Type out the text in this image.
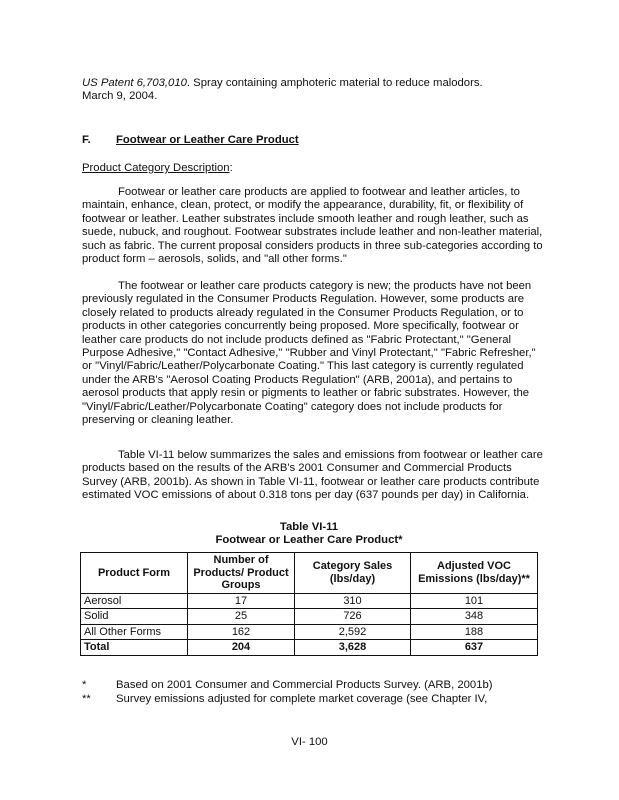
US Patent 6,703,010. Spray containing amphoteric material to reduce malodors.

March 9, 2004.

F.	Footwear or Leather Care Product
Product Category Description:

Footwear or leather care products are applied to footwear and leather articles, to maintain, enhance, clean, protect, or modify the appearance, durability, fit, or flexibility of footwear or leather. Leather substrates include smooth leather and rough leather, such as suede, nubuck, and roughout. Footwear substrates include leather and non-leather material, such as fabric. The current proposal considers products in three sub-categories according to product form – aerosols, solids, and "all other forms."

The footwear or leather care products category is new; the products have not been previously regulated in the Consumer Products Regulation. However, some products are closely related to products already regulated in the Consumer Products Regulation, or to products in other categories concurrently being proposed. More specifically, footwear or leather care products do not include products defined as "Fabric Protectant," "General Purpose Adhesive," "Contact Adhesive," "Rubber and Vinyl Protectant," "Fabric Refresher," or "Vinyl/Fabric/Leather/Polycarbonate Coating." This last category is currently regulated under the ARB's "Aerosol Coating Products Regulation" (ARB, 2001a), and pertains to aerosol products that apply resin or pigments to leather or fabric substrates. However, the "Vinyl/Fabric/Leather/Polycarbonate Coating" category does not include products for preserving or cleaning leather.

Table VI-11 below summarizes the sales and emissions from footwear or leather care products based on the results of the ARB's 2001 Consumer and Commercial Products Survey (ARB, 2001b). As shown in Table VI-11, footwear or leather care products contribute estimated VOC emissions of about 0.318 tons per day (637 pounds per day) in California.

Table VI-11
Footwear or Leather Care Product*
Product Form	Number of Products/ Product Groups	Category Sales (lbs/day)	Adjusted VOC Emissions (lbs/day)**
Aerosol	17	310	101
Solid	25	726	348
All Other Forms	162	2,592	188
Total	204	3,628	637
*	Based on 2001 Consumer and Commercial Products Survey. (ARB, 2001b)
**	Survey emissions adjusted for complete market coverage (see Chapter IV,
VI- 100
